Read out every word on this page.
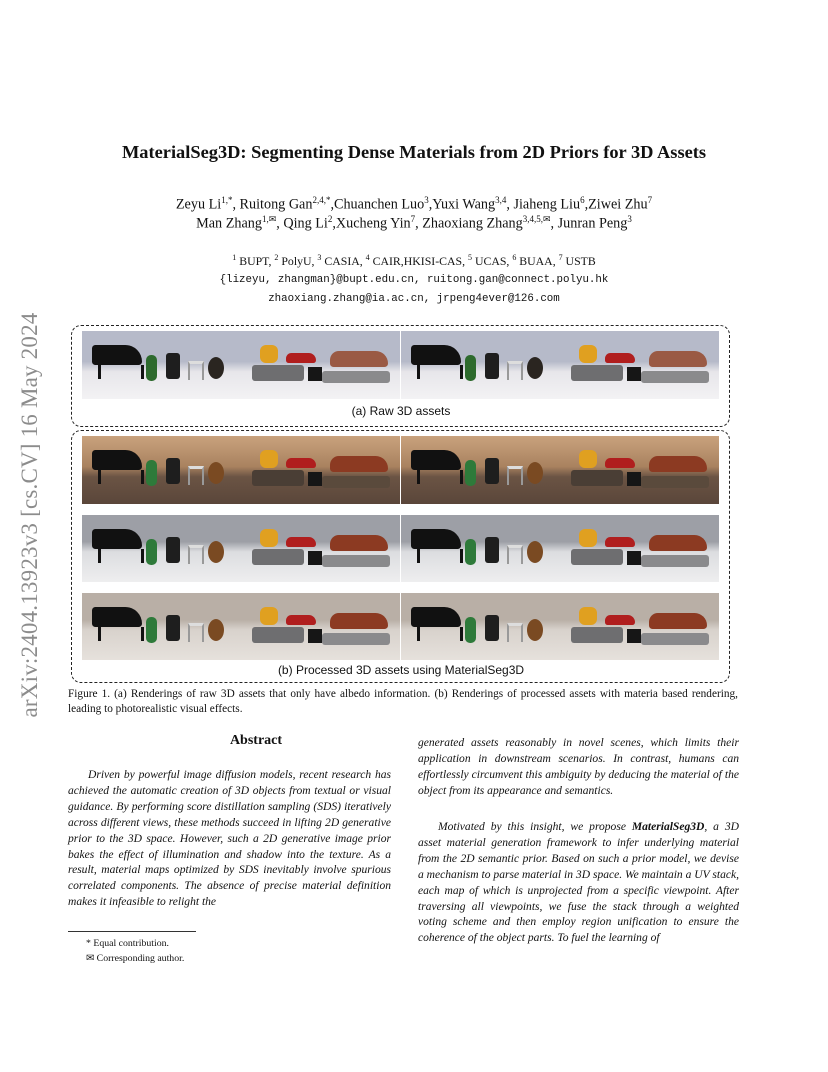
arXiv:2404.13923v3 [cs.CV] 16 May 2024
MaterialSeg3D: Segmenting Dense Materials from 2D Priors for 3D Assets
Zeyu $Li^{1,*}$, Ruitong Gan$^{2,4,*}$,Chuanchen Luo$^3$,Yuxi Wang$^{3,4}$, Jiaheng Liu$^6$,Ziwei Zhu$^7$
Man Zhang$^{1,✉}$, Qing Li$^2$,Xucheng Yin$^7$, Zhaoxiang Zhang$^{3,4,5,✉}$, Junran Peng$^3$
$^1$ BUPT, $^2$ PolyU, $^3$ CASIA, $^4$ CAIR,HKISI-CAS, $^5$ UCAS, $^6$ BUAA, $^7$ USTB
{lizeyu, zhangman}@bupt.edu.cn, ruitong.gan@connect.polyu.hk
zhaoxiang.zhang@ia.ac.cn, jrpeng4ever@126.com
(a) Raw 3D assets
(b) Processed 3D assets using MaterialSeg3D
Figure 1. (a) Renderings of raw 3D assets that only have albedo information. (b) Renderings of processed assets with materia based rendering, leading to photorealistic visual effects.
Abstract
Driven by powerful image diffusion models, recent research has achieved the automatic creation of 3D objects from textual or visual guidance. By performing score distillation sampling (SDS) iteratively across different views, these methods succeed in lifting 2D generative prior to the 3D space. However, such a 2D generative image prior bakes the effect of illumination and shadow into the texture. As a result, material maps optimized by SDS inevitably involve spurious correlated components. The absence of precise material definition makes it infeasible to relight the
generated assets reasonably in novel scenes, which limits their application in downstream scenarios. In contrast, humans can effortlessly circumvent this ambiguity by deducing the material of the object from its appearance and semantics.
Motivated by this insight, we propose MaterialSeg3D, a 3D asset material generation framework to infer underlying material from the 2D semantic prior. Based on such a prior model, we devise a mechanism to parse material in 3D space. We maintain a UV stack, each map of which is unprojected from a specific viewpoint. After traversing all viewpoints, we fuse the stack through a weighted voting scheme and then employ region unification to ensure the coherence of the object parts. To fuel the learning of
* Equal contribution.
✉ Corresponding author.
